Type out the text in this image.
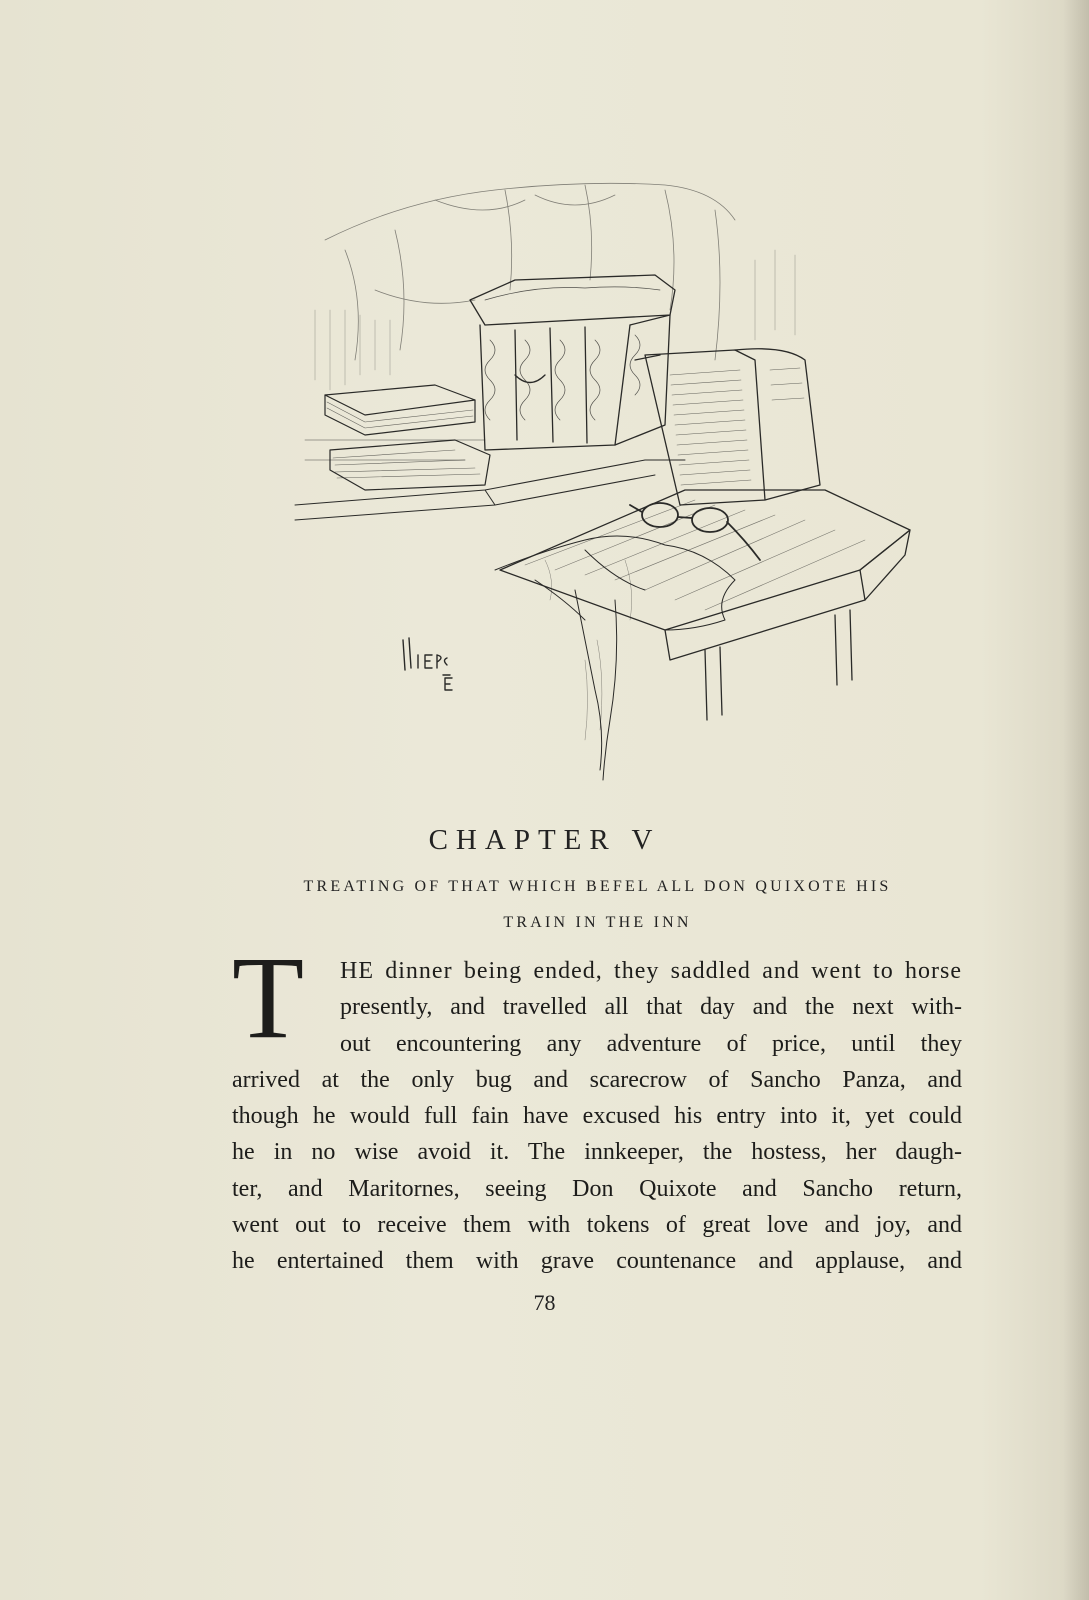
CHAPTER V
TREATING OF THAT WHICH BEFEL ALL DON QUIXOTE HIS
TRAIN IN THE INN
T	HE dinner being ended, they saddled and went to horse
presently, and travelled all that day and the next with-
out encountering any adventure of price, until they
arrived at the only bug and scarecrow of Sancho Panza, and
though he would full fain have excused his entry into it, yet could
he in no wise avoid it. The innkeeper, the hostess, her daugh-
ter, and Maritornes, seeing Don Quixote and Sancho return,
went out to receive them with tokens of great love and joy, and
he entertained them with grave countenance and applause, and
78
